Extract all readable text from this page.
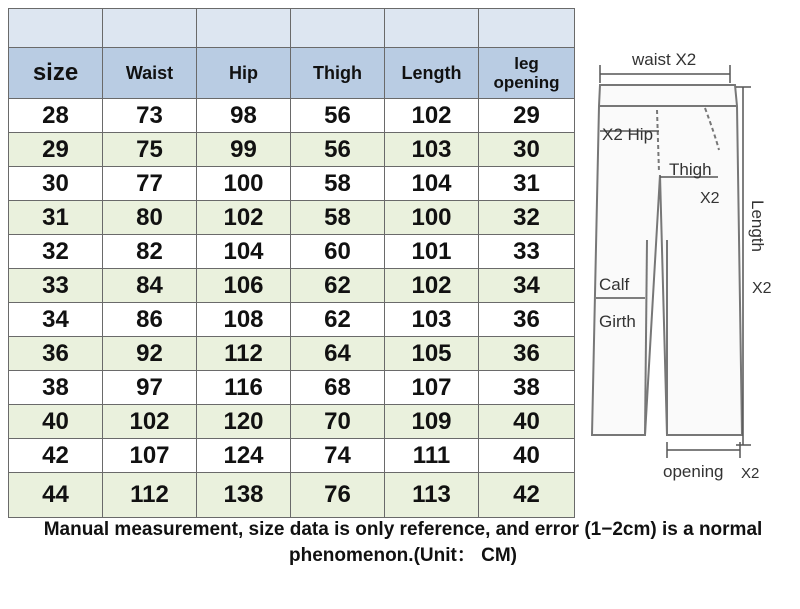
size	Waist	Hip	Thigh	Length	leg opening
28	73	98	56	102	29
29	75	99	56	103	30
30	77	100	58	104	31
31	80	102	58	100	32
32	82	104	60	101	33
33	84	106	62	102	34
34	86	108	62	103	36
36	92	112	64	105	36
38	97	116	68	107	38
40	102	120	70	109	40
42	107	124	74	111	40
44	112	138	76	113	42
waist X2
Length
X2
X2 Hip
Thigh
X2
Calf
Girth
opening X2
Manual measurement, size data is only reference, and error (1−2cm) is a normal phenomenon.(Unit： CM)
